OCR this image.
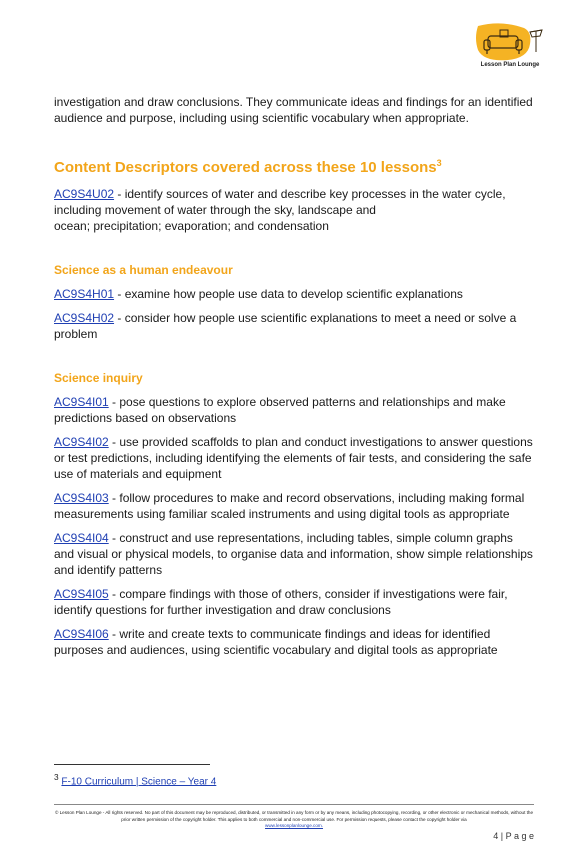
Lesson Plan Lounge

investigation and draw conclusions. They communicate ideas and findings for an identified audience and purpose, including using scientific vocabulary when appropriate.

Content Descriptors covered across these 10 lessons$^3$
AC9S4U02 - identify sources of water and describe key processes in the water cycle, including movement of water through the sky, landscape and
ocean; precipitation; evaporation; and condensation
Science as a human endeavour
AC9S4H01 - examine how people use data to develop scientific explanations
AC9S4H02 - consider how people use scientific explanations to meet a need or solve a problem
Science inquiry
AC9S4I01 - pose questions to explore observed patterns and relationships and make predictions based on observations
AC9S4I02 - use provided scaffolds to plan and conduct investigations to answer questions or test predictions, including identifying the elements of fair tests, and considering the safe use of materials and equipment
AC9S4I03 - follow procedures to make and record observations, including making formal measurements using familiar scaled instruments and using digital tools as appropriate
AC9S4I04 - construct and use representations, including tables, simple column graphs and visual or physical models, to organise data and information, show simple relationships and identify patterns
AC9S4I05 - compare findings with those of others, consider if investigations were fair, identify questions for further investigation and draw conclusions
AC9S4I06 - write and create texts to communicate findings and ideas for identified purposes and audiences, using scientific vocabulary and digital tools as appropriate
$^3$ F-10 Curriculum | Science – Year 4
© Lesson Plan Lounge - All rights reserved. No part of this document may be reproduced, distributed, or transmitted in any form or by any means, including photocopying, recording, or other electronic or mechanical methods, without the prior written permission of the copyright holder. This applies to both commercial and non-commercial use. For permission requests, please contact the copyright holder via
www.lessonplanlounge.com.
4 | P a g e
